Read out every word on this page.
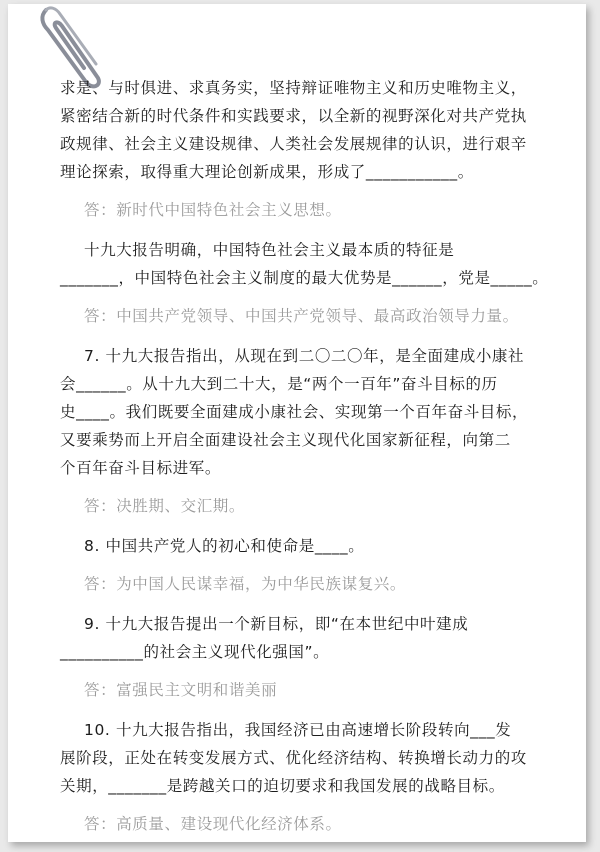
求是、与时俱进、求真务实，坚持辩证唯物主义和历史唯物主义，
紧密结合新的时代条件和实践要求，以全新的视野深化对共产党执
政规律、社会主义建设规律、人类社会发展规律的认识，进行艰辛
理论探索，取得重大理论创新成果，形成了___________。
答：新时代中国特色社会主义思想。
十九大报告明确，中国特色社会主义最本质的特征是
_______，中国特色社会主义制度的最大优势是______，党是_____。
答：中国共产党领导、中国共产党领导、最高政治领导力量。
7. 十九大报告指出，从现在到二〇二〇年，是全面建成小康社
会______。从十九大到二十大，是“两个一百年”奋斗目标的历
史____。我们既要全面建成小康社会、实现第一个百年奋斗目标，
又要乘势而上开启全面建设社会主义现代化国家新征程，向第二
个百年奋斗目标进军。
答：决胜期、交汇期。
8. 中国共产党人的初心和使命是____。
答：为中国人民谋幸福，为中华民族谋复兴。
9. 十九大报告提出一个新目标，即“在本世纪中叶建成
__________的社会主义现代化强国”。
答：富强民主文明和谐美丽
10. 十九大报告指出，我国经济已由高速增长阶段转向___发
展阶段，正处在转变发展方式、优化经济结构、转换增长动力的攻
关期，_______是跨越关口的迫切要求和我国发展的战略目标。
答：高质量、建设现代化经济体系。
